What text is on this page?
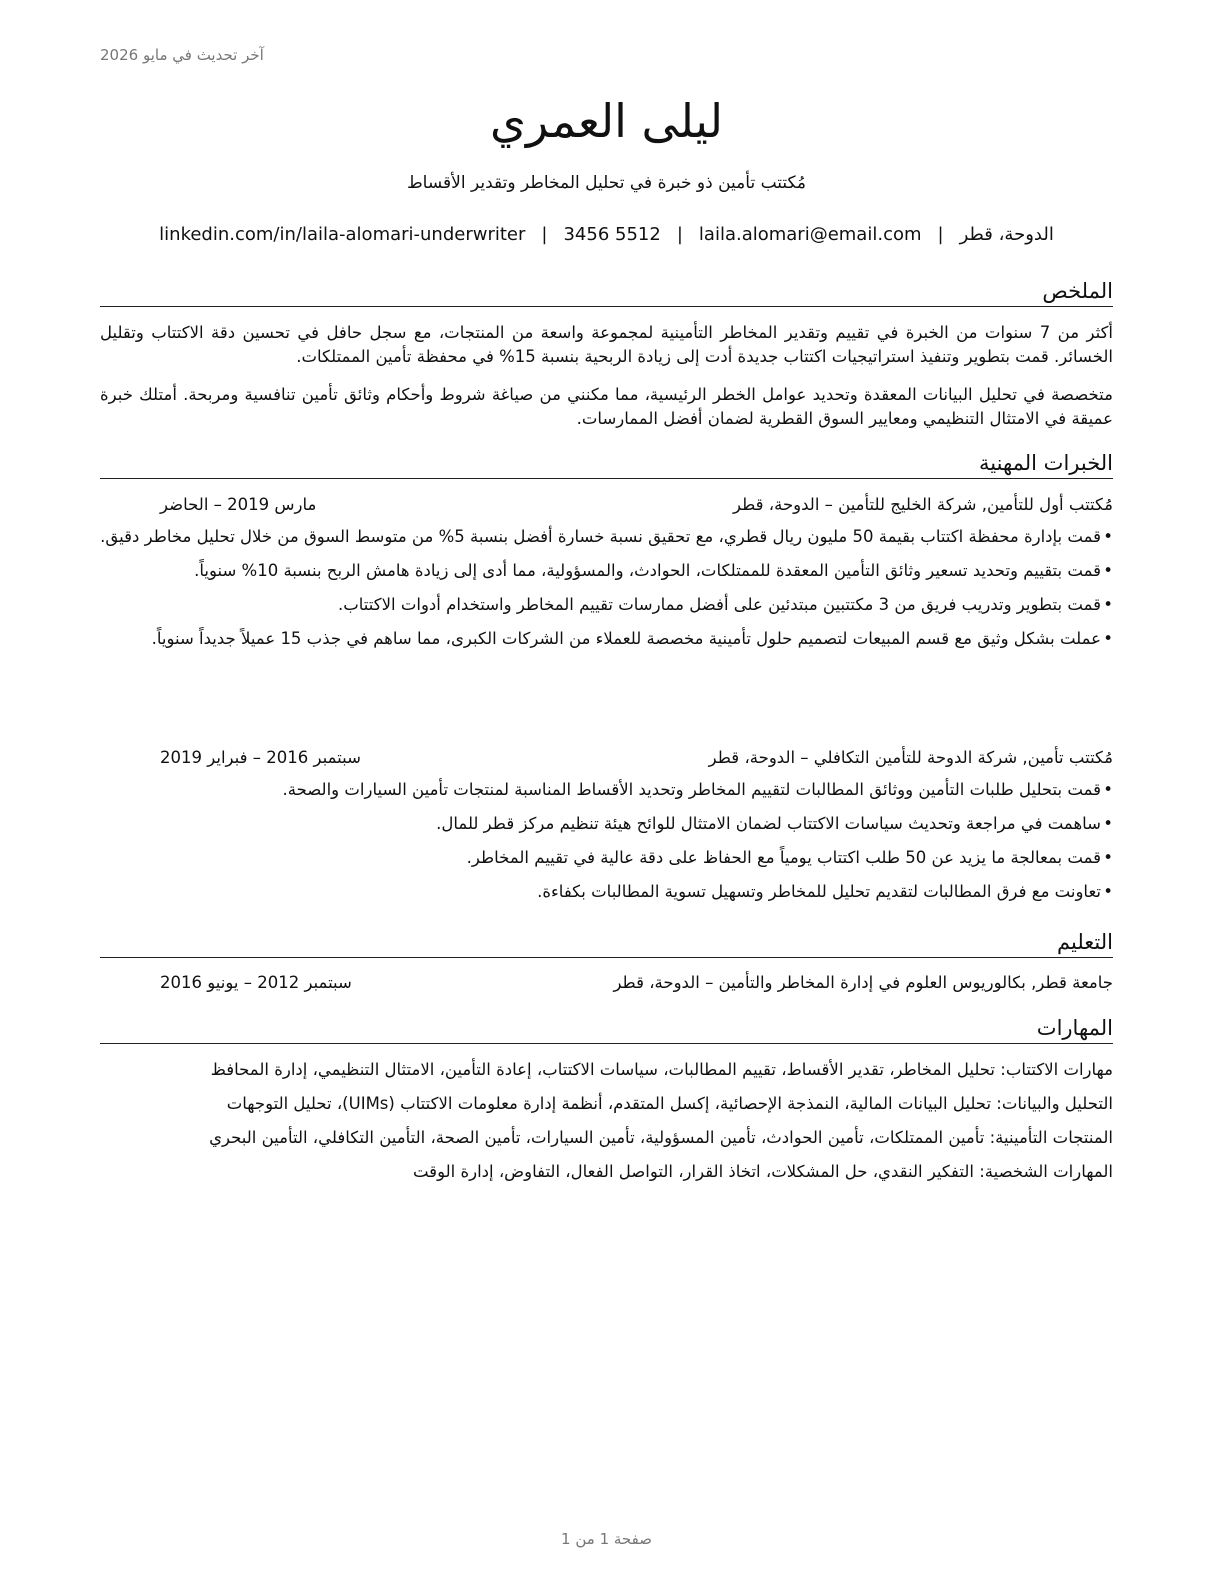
آخر تحديث في مايو 2026
ليلى العمري
مُكتتب تأمين ذو خبرة في تحليل المخاطر وتقدير الأقساط
الدوحة، قطر|laila.alomari@email.com|3456 5512|linkedin.com/in/laila-alomari-underwriter
الملخص

أكثر من 7 سنوات من الخبرة في تقييم وتقدير المخاطر التأمينية لمجموعة واسعة من المنتجات، مع سجل حافل في تحسين دقة الاكتتاب وتقليل الخسائر. قمت بتطوير وتنفيذ استراتيجيات اكتتاب جديدة أدت إلى زيادة الربحية بنسبة 15% في محفظة تأمين الممتلكات.

متخصصة في تحليل البيانات المعقدة وتحديد عوامل الخطر الرئيسية، مما مكنني من صياغة شروط وأحكام وثائق تأمين تنافسية ومربحة. أمتلك خبرة عميقة في الامتثال التنظيمي ومعايير السوق القطرية لضمان أفضل الممارسات.

الخبرات المهنية
مُكتتب أول للتأمين, شركة الخليج للتأمين – الدوحة، قطر
مارس 2019 – الحاضر
• قمت بإدارة محفظة اكتتاب بقيمة 50 مليون ريال قطري، مع تحقيق نسبة خسارة أفضل بنسبة 5% من متوسط السوق من خلال تحليل مخاطر دقيق.
• قمت بتقييم وتحديد تسعير وثائق التأمين المعقدة للممتلكات، الحوادث، والمسؤولية، مما أدى إلى زيادة هامش الربح بنسبة 10% سنوياً.
• قمت بتطوير وتدريب فريق من 3 مكتتبين مبتدئين على أفضل ممارسات تقييم المخاطر واستخدام أدوات الاكتتاب.
• عملت بشكل وثيق مع قسم المبيعات لتصميم حلول تأمينية مخصصة للعملاء من الشركات الكبرى، مما ساهم في جذب 15 عميلاً جديداً سنوياً.
مُكتتب تأمين, شركة الدوحة للتأمين التكافلي – الدوحة، قطر
سبتمبر 2016 – فبراير 2019
• قمت بتحليل طلبات التأمين ووثائق المطالبات لتقييم المخاطر وتحديد الأقساط المناسبة لمنتجات تأمين السيارات والصحة.
• ساهمت في مراجعة وتحديث سياسات الاكتتاب لضمان الامتثال للوائح هيئة تنظيم مركز قطر للمال.
• قمت بمعالجة ما يزيد عن 50 طلب اكتتاب يومياً مع الحفاظ على دقة عالية في تقييم المخاطر.
• تعاونت مع فرق المطالبات لتقديم تحليل للمخاطر وتسهيل تسوية المطالبات بكفاءة.
التعليم
جامعة قطر, بكالوريوس العلوم في إدارة المخاطر والتأمين – الدوحة، قطر
سبتمبر 2012 – يونيو 2016
المهارات
مهارات الاكتتاب: تحليل المخاطر، تقدير الأقساط، تقييم المطالبات، سياسات الاكتتاب، إعادة التأمين، الامتثال التنظيمي، إدارة المحافظ
التحليل والبيانات: تحليل البيانات المالية، النمذجة الإحصائية، إكسل المتقدم، أنظمة إدارة معلومات الاكتتاب (UIMs)، تحليل التوجهات
المنتجات التأمينية: تأمين الممتلكات، تأمين الحوادث، تأمين المسؤولية، تأمين السيارات، تأمين الصحة، التأمين التكافلي، التأمين البحري
المهارات الشخصية: التفكير النقدي، حل المشكلات، اتخاذ القرار، التواصل الفعال، التفاوض، إدارة الوقت
صفحة 1 من 1
